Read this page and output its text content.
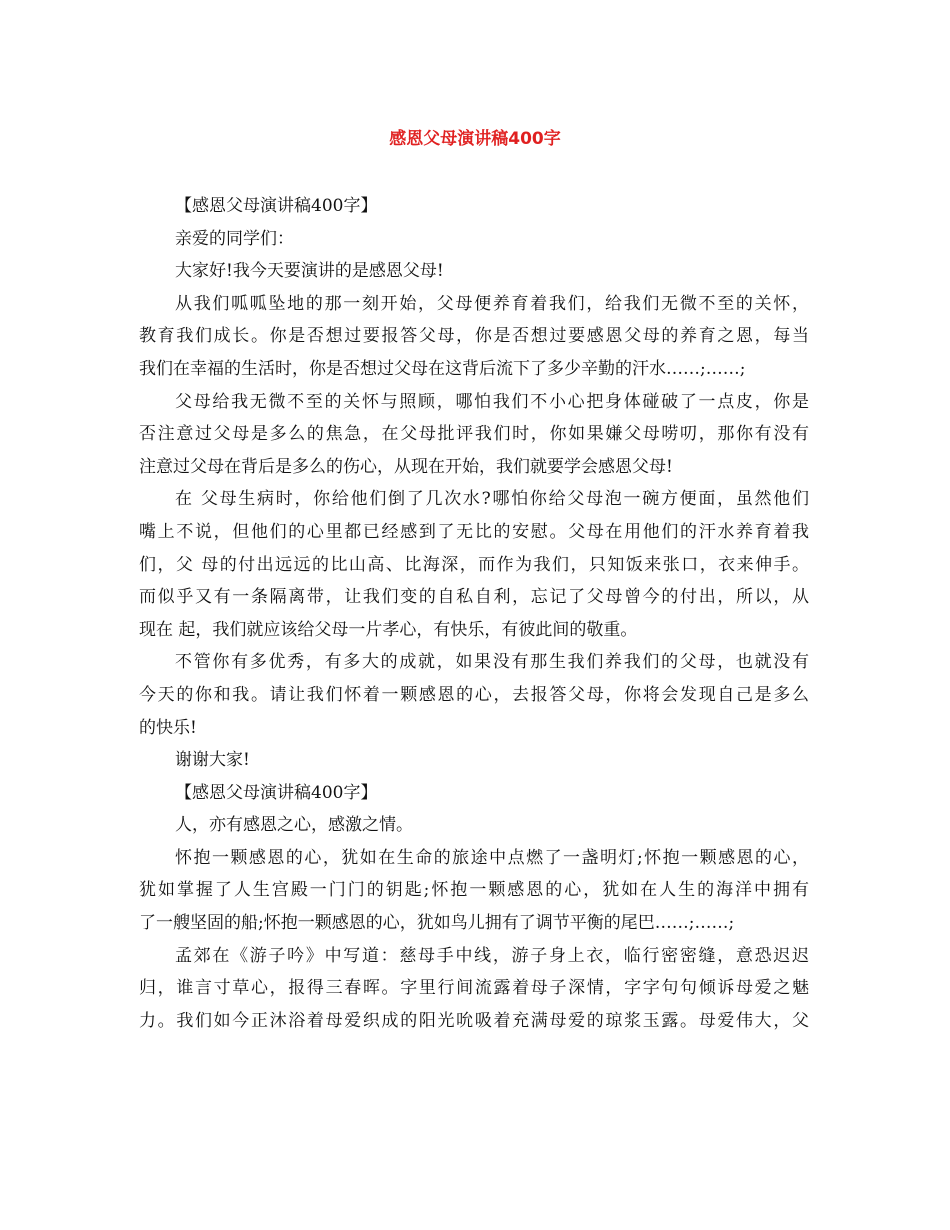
感恩父母演讲稿400字
【感恩父母演讲稿400字】
亲爱的同学们：
大家好!我今天要演讲的是感恩父母!
从我们呱呱坠地的那一刻开始，父母便养育着我们，给我们无微不至的关怀，
教育我们成长。你是否想过要报答父母，你是否想过要感恩父母的养育之恩，每当
我们在幸福的生活时，你是否想过父母在这背后流下了多少辛勤的汗水……;……;
父母给我无微不至的关怀与照顾，哪怕我们不小心把身体碰破了一点皮，你是
否注意过父母是多么的焦急，在父母批评我们时，你如果嫌父母唠叨，那你有没有
注意过父母在背后是多么的伤心，从现在开始，我们就要学会感恩父母!
在 父母生病时，你给他们倒了几次水?哪怕你给父母泡一碗方便面，虽然他们
嘴上不说，但他们的心里都已经感到了无比的安慰。父母在用他们的汗水养育着我
们，父 母的付出远远的比山高、比海深，而作为我们，只知饭来张口，衣来伸手。
而似乎又有一条隔离带，让我们变的自私自利，忘记了父母曾今的付出，所以，从
现在 起，我们就应该给父母一片孝心，有快乐，有彼此间的敬重。
不管你有多优秀，有多大的成就，如果没有那生我们养我们的父母，也就没有
今天的你和我。请让我们怀着一颗感恩的心，去报答父母，你将会发现自己是多么
的快乐!
谢谢大家!
【感恩父母演讲稿400字】
人，亦有感恩之心，感激之情。
怀抱一颗感恩的心，犹如在生命的旅途中点燃了一盏明灯;怀抱一颗感恩的心，
犹如掌握了人生宫殿一门门的钥匙;怀抱一颗感恩的心，犹如在人生的海洋中拥有
了一艘坚固的船;怀抱一颗感恩的心，犹如鸟儿拥有了调节平衡的尾巴……;……;
孟郊在《游子吟》中写道：慈母手中线，游子身上衣，临行密密缝，意恐迟迟
归，谁言寸草心，报得三春晖。字里行间流露着母子深情，字字句句倾诉母爱之魅
力。我们如今正沐浴着母爱织成的阳光吮吸着充满母爱的琼浆玉露。母爱伟大，父
